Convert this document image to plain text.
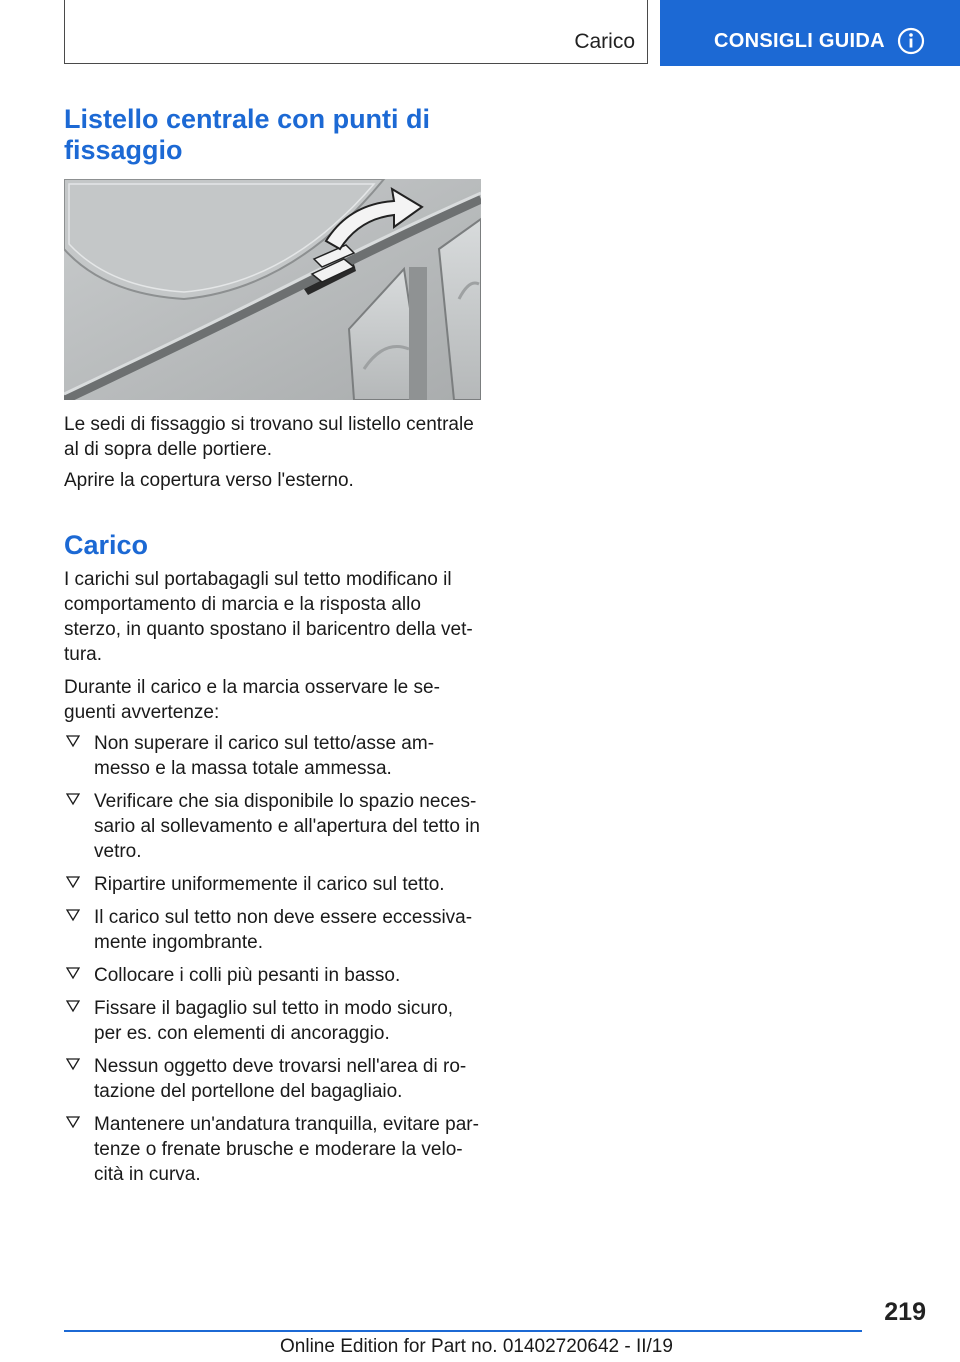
Carico	CONSIGLI GUIDA
Listello centrale con punti di fissaggio

Le sedi di fissaggio si trovano sul listello centrale al di sopra delle portiere.

Aprire la copertura verso l'esterno.

Carico

I carichi sul portabagagli sul tetto modificano il comportamento di marcia e la risposta allo sterzo, in quanto spostano il baricentro della vet-tura.

Durante il carico e la marcia osservare le se-guenti avvertenze:

Non superare il carico sul tetto/asse am-messo e la massa totale ammessa.
Verificare che sia disponibile lo spazio neces-sario al sollevamento e all'apertura del tetto in vetro.
Ripartire uniformemente il carico sul tetto.
Il carico sul tetto non deve essere eccessiva-mente ingombrante.
Collocare i colli più pesanti in basso.
Fissare il bagaglio sul tetto in modo sicuro, per es. con elementi di ancoraggio.
Nessun oggetto deve trovarsi nell'area di ro-tazione del portellone del bagagliaio.
Mantenere un'andatura tranquilla, evitare par-tenze o frenate brusche e moderare la velo-cità in curva.
219
Online Edition for Part no. 01402720642 - II/19
